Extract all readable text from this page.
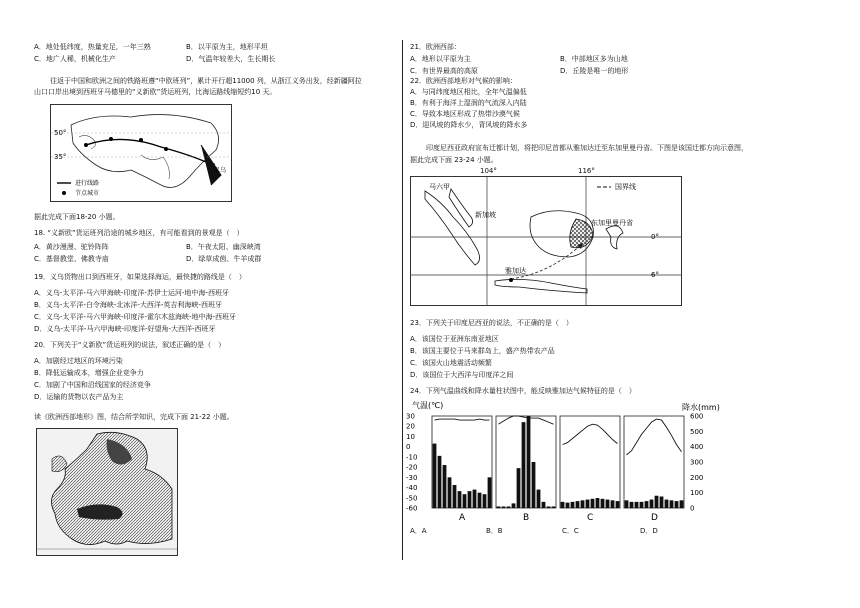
A．地处低纬度，热量充足，一年三熟	B．以平原为主，地形平坦
C．地广人稀，机械化生产	D．气温年较差大，生长期长
往返于中国和欧洲之间的铁路班遵“中欧班列”，累计开行超11000 列，从浙江义务出发，经新疆阿拉
山口口岸出境到西班牙马德里的“义新欧”货运班列，比海运路线缩短约10 天。
50°
35°
义乌
进行线路
节点城市
据此完成下面18-20 小题。
18. “义新欧”货运班列沿途的城乡地区，有可能看到的景观是（　）
A．黄沙漫漫、驼铃阵阵	B．午夜太阳、幽深峡湾
C．基督教堂、佛教寺庙	D．绿草成茵、牛羊成群
19．义乌货物出口到西班牙，如果选择海运，最快捷的路线是（　）
A．义乌-太平洋-马六甲海峡-印度洋-苏伊士运河-地中海-西班牙
B．义乌-太平洋-白令海峡-北冰洋-大西洋-英吉利海峡-西班牙
C．义乌-太平洋-马六甲海峡-印度洋-霍尔木兹海峡-地中海-西班牙
D．义乌-太平洋-马六甲海峡-印度洋-好望角-大西洋-西班牙
20．下列关于“义新欧”货运班列的说法，叙述正确的是（　）
A．加剧经过地区的环境污染
B．降低运输成本，增强企业竞争力
C．加剧了中国和沿线国家的经济竞争
D．运输的货物以农产品为主
读《欧洲西部地形》图，结合所学知识，完成下面 21-22 小题。
21．欧洲西部：
A．地形以平原为主	B．中部地区多为山地
C．有世界最高的高原	D．丘陵是唯一的地形
22．欧洲西部地形对气候的影响：
A．与同纬度地区相比，全年气温偏低
B．有利于海洋上湿润的气流深入内陆
C．导致本地区形成了热带沙漠气候
D．迎风坡的降水少，背风坡的降水多
印度尼西亚政府宣布迁都计划，将把印尼首都从雅加达迁至东加里曼丹省。下图是该国迁都方向示意图，
据此完成下面 23-24 小题。
国界线
马六甲
新加坡
东加里曼丹省
雅加达
0°
6°
104°	116°
23．下列关于印度尼西亚的说法，不正确的是（　）
A．该国位于亚洲东南亚地区
B．该国主要位于马来群岛上，盛产热带农产品
C．该国火山地震活动频繁
D．该国位于大西洋与印度洋之间
24．下列气温曲线和降水量柱状图中，能反映雅加达气候特征的是（　）
气温(℃)	降水(mm)
30
20
10
0
-10
-20
-30
-40
-50
-60
600
500
400
300
200
100
0
A	B	C	D
A．A	B．B	C．C	D．D
